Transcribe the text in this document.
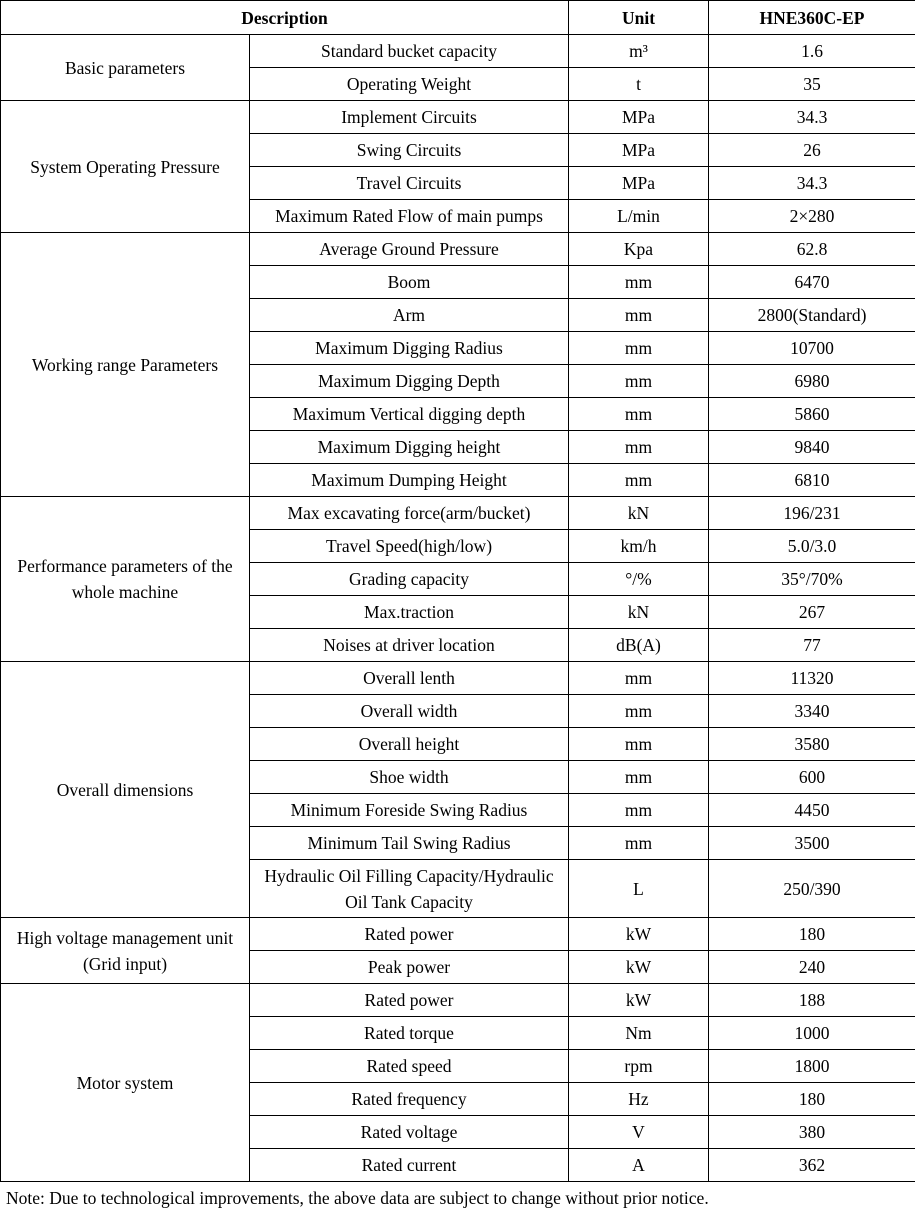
Description		Unit	HNE360C-EP
Basic parameters	Standard bucket capacity	m³	1.6
	Operating Weight	t	35
System Operating Pressure	Implement Circuits	MPa	34.3
	Swing Circuits	MPa	26
	Travel Circuits	MPa	34.3
	Maximum Rated Flow of main pumps	L/min	2×280
Working range Parameters	Average Ground Pressure	Kpa	62.8
	Boom	mm	6470
	Arm	mm	2800(Standard)
	Maximum Digging Radius	mm	10700
	Maximum Digging Depth	mm	6980
	Maximum Vertical digging depth	mm	5860
	Maximum Digging height	mm	9840
	Maximum Dumping Height	mm	6810
Performance parameters of the whole machine	Max excavating force(arm/bucket)	kN	196/231
	Travel Speed(high/low)	km/h	5.0/3.0
	Grading capacity	°/%	35°/70%
	Max.traction	kN	267
	Noises at driver location	dB(A)	77
Overall dimensions	Overall lenth	mm	11320
	Overall width	mm	3340
	Overall height	mm	3580
	Shoe width	mm	600
	Minimum Foreside Swing Radius	mm	4450
	Minimum Tail Swing Radius	mm	3500
	Hydraulic Oil Filling Capacity/Hydraulic Oil Tank Capacity	L	250/390
High voltage management unit (Grid input)	Rated power	kW	180
	Peak power	kW	240
Motor system	Rated power	kW	188
	Rated torque	Nm	1000
	Rated speed	rpm	1800
	Rated frequency	Hz	180
	Rated voltage	V	380
	Rated current	A	362
Note: Due to technological improvements, the above data are subject to change without prior notice.			
